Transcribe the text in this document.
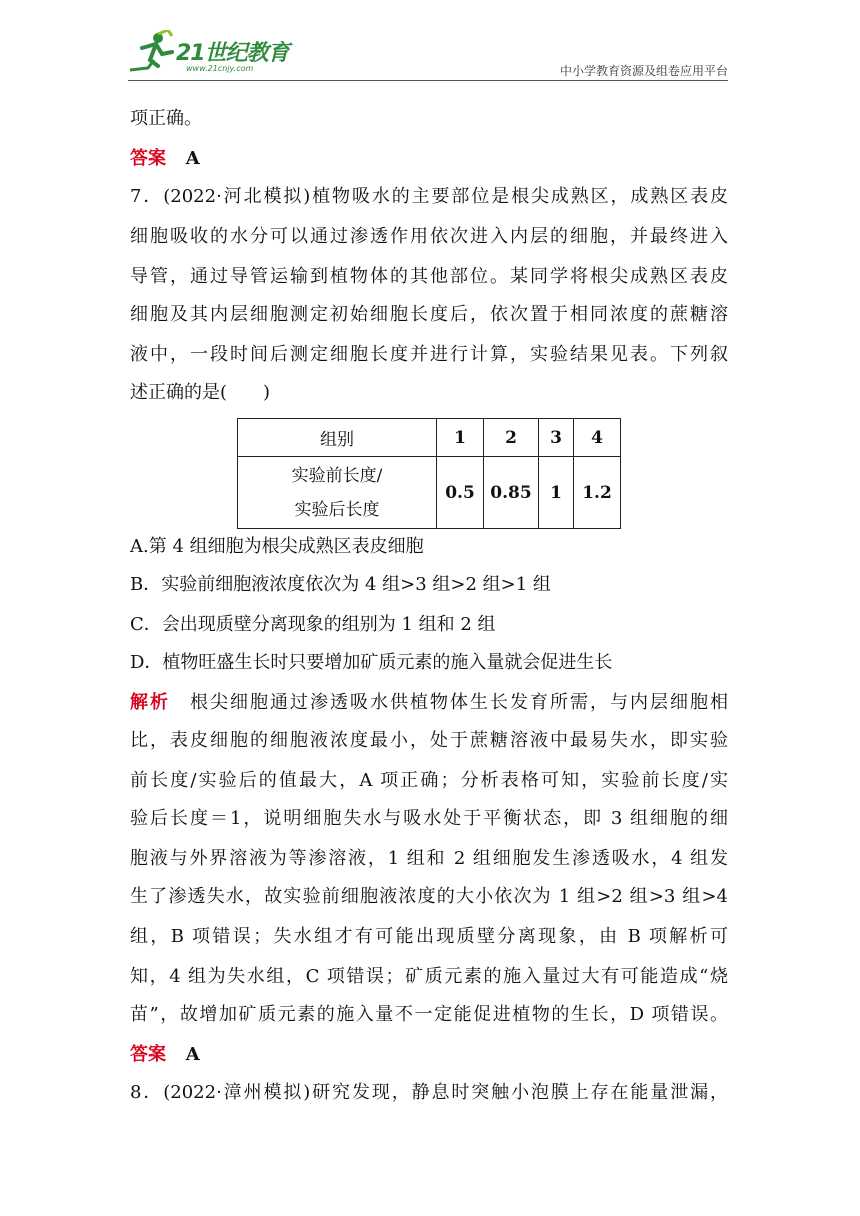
21世纪教育
www.21cnjy.com	中小学教育资源及组卷应用平台
项正确。
答案 A
7．(2022·河北模拟)植物吸水的主要部位是根尖成熟区，成熟区表皮
细胞吸收的水分可以通过渗透作用依次进入内层的细胞，并最终进入
导管，通过导管运输到植物体的其他部位。某同学将根尖成熟区表皮
细胞及其内层细胞测定初始细胞长度后，依次置于相同浓度的蔗糖溶
液中，一段时间后测定细胞长度并进行计算，实验结果见表。下列叙
述正确的是(　　)
组别	1	2	3	4

实验前长度/
实验后长度	0.5	0.85	1	1.2
A.第 4 组细胞为根尖成熟区表皮细胞
B．实验前细胞液浓度依次为 4 组>3 组>2 组>1 组
C．会出现质壁分离现象的组别为 1 组和 2 组
D．植物旺盛生长时只要增加矿质元素的施入量就会促进生长
解析　根尖细胞通过渗透吸水供植物体生长发育所需，与内层细胞相
比，表皮细胞的细胞液浓度最小，处于蔗糖溶液中最易失水，即实验
前长度/实验后的值最大，A 项正确；分析表格可知，实验前长度/实
验后长度＝1，说明细胞失水与吸水处于平衡状态，即 3 组细胞的细
胞液与外界溶液为等渗溶液，1 组和 2 组细胞发生渗透吸水，4 组发
生了渗透失水，故实验前细胞液浓度的大小依次为 1 组>2 组>3 组>4
组，B 项错误；失水组才有可能出现质壁分离现象，由 B 项解析可
知，4 组为失水组，C 项错误；矿质元素的施入量过大有可能造成“烧
苗”，故增加矿质元素的施入量不一定能促进植物的生长，D 项错误。
答案 A
8．(2022·漳州模拟)研究发现，静息时突触小泡膜上存在能量泄漏，
